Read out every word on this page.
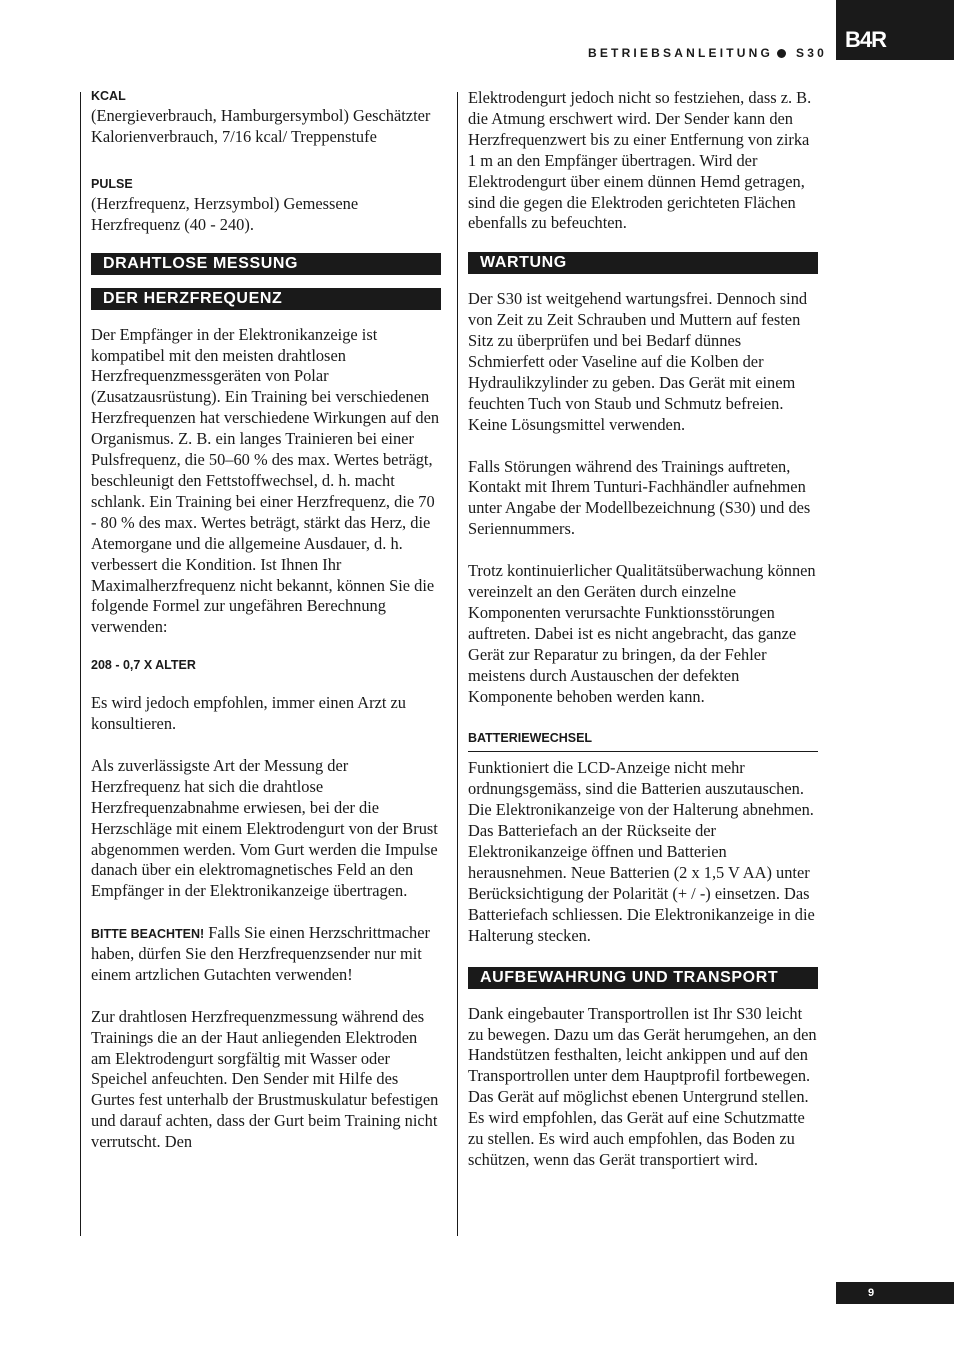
B4R
BETRIEBSANLEITUNG S30
KCAL

(Energieverbrauch, Hamburgersymbol) Geschätzter Kalorienverbrauch, 7/16 kcal/ Treppenstufe

PULSE

(Herzfrequenz, Herzsymbol) Gemessene Herzfrequenz (40 - 240).

DRAHTLOSE MESSUNG
DER HERZFREQUENZ

Der Empfänger in der Elektronikanzeige ist kompatibel mit den meisten drahtlosen Herzfrequenzmessgeräten von Polar (Zusatzausrüstung). Ein Training bei verschiedenen Herzfrequenzen hat verschiedene Wirkungen auf den Organismus. Z. B. ein langes Trainieren bei einer Pulsfrequenz, die 50–60 % des max. Wertes beträgt, beschleunigt den Fettstoffwechsel, d. h. macht schlank. Ein Training bei einer Herzfrequenz, die 70 - 80 % des max. Wertes beträgt, stärkt das Herz, die Atemorgane und die allgemeine Ausdauer, d. h. verbessert die Kondition. Ist Ihnen Ihr Maximalherzfrequenz nicht bekannt, können Sie die folgende Formel zur ungefähren Berechnung verwenden:

208 - 0,7 X ALTER

Es wird jedoch empfohlen, immer einen Arzt zu konsultieren.

Als zuverlässigste Art der Messung der Herzfrequenz hat sich die drahtlose Herzfrequenzabnahme erwiesen, bei der die Herzschläge mit einem Elektrodengurt von der Brust abgenommen werden. Vom Gurt werden die Impulse danach über ein elektromagnetisches Feld an den Empfänger in der Elektronikanzeige übertragen.

BITTE BEACHTEN! Falls Sie einen Herzschrittmacher haben, dürfen Sie den Herzfrequenzsender nur mit einem artzlichen Gutachten verwenden!

Zur drahtlosen Herzfrequenzmessung während des Trainings die an der Haut anliegenden Elektroden am Elektrodengurt sorgfältig mit Wasser oder Speichel anfeuchten. Den Sender mit Hilfe des Gurtes fest unterhalb der Brustmuskulatur befestigen und darauf achten, dass der Gurt beim Training nicht verrutscht. Den

Elektrodengurt jedoch nicht so festziehen, dass z. B. die Atmung erschwert wird. Der Sender kann den Herzfrequenzwert bis zu einer Entfernung von zirka 1 m an den Empfänger übertragen. Wird der Elektrodengurt über einem dünnen Hemd getragen, sind die gegen die Elektroden gerichteten Flächen ebenfalls zu befeuchten.

WARTUNG

Der S30 ist weitgehend wartungsfrei. Dennoch sind von Zeit zu Zeit Schrauben und Muttern auf festen Sitz zu überprüfen und bei Bedarf dünnes Schmierfett oder Vaseline auf die Kolben der Hydraulikzylinder zu geben. Das Gerät mit einem feuchten Tuch von Staub und Schmutz befreien. Keine Lösungsmittel verwenden.

Falls Störungen während des Trainings auftreten, Kontakt mit Ihrem Tunturi-Fachhändler aufnehmen unter Angabe der Modellbezeichnung (S30) und des Seriennummers.

Trotz kontinuierlicher Qualitätsüberwachung können vereinzelt an den Geräten durch einzelne Komponenten verursachte Funktionsstörungen auftreten. Dabei ist es nicht angebracht, das ganze Gerät zur Reparatur zu bringen, da der Fehler meistens durch Austauschen der defekten Komponente behoben werden kann.

BATTERIEWECHSEL

Funktioniert die LCD-Anzeige nicht mehr ordnungsgemäss, sind die Batterien auszutauschen. Die Elektronikanzeige von der Halterung abnehmen. Das Batteriefach an der Rückseite der Elektronikanzeige öffnen und Batterien herausnehmen. Neue Batterien (2 x 1,5 V AA) unter Berücksichtigung der Polarität (+ / -) einsetzen. Das Batteriefach schliessen. Die Elektronikanzeige in die Halterung stecken.

AUFBEWAHRUNG UND TRANSPORT

Dank eingebauter Transportrollen ist Ihr S30 leicht zu bewegen. Dazu um das Gerät herumgehen, an den Handstützen festhalten, leicht ankippen und auf den Transportrollen unter dem Hauptprofil fortbewegen. Das Gerät auf möglichst ebenen Untergrund stellen. Es wird empfohlen, das Gerät auf eine Schutzmatte zu stellen. Es wird auch empfohlen, das Boden zu schützen, wenn das Gerät transportiert wird.

9
